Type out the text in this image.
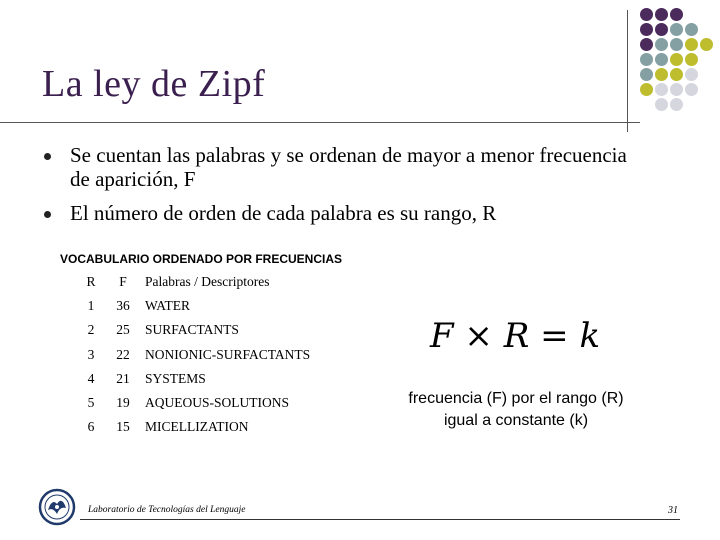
La ley de Zipf
Se cuentan las palabras y se ordenan de mayor a menor frecuencia de aparición, F
El número de orden de cada palabra es su rango, R
VOCABULARIO ORDENADO POR FRECUENCIAS
R	F	Palabras / Descriptores
1	36	WATER
2	25	SURFACTANTS
3	22	NONIONIC-SURFACTANTS
4	21	SYSTEMS
5	19	AQUEOUS-SOLUTIONS
6	15	MICELLIZATION
F × R = k
frecuencia (F) por el rango (R) igual a constante (k)
Laboratorio de Tecnologías del Lenguaje	31
